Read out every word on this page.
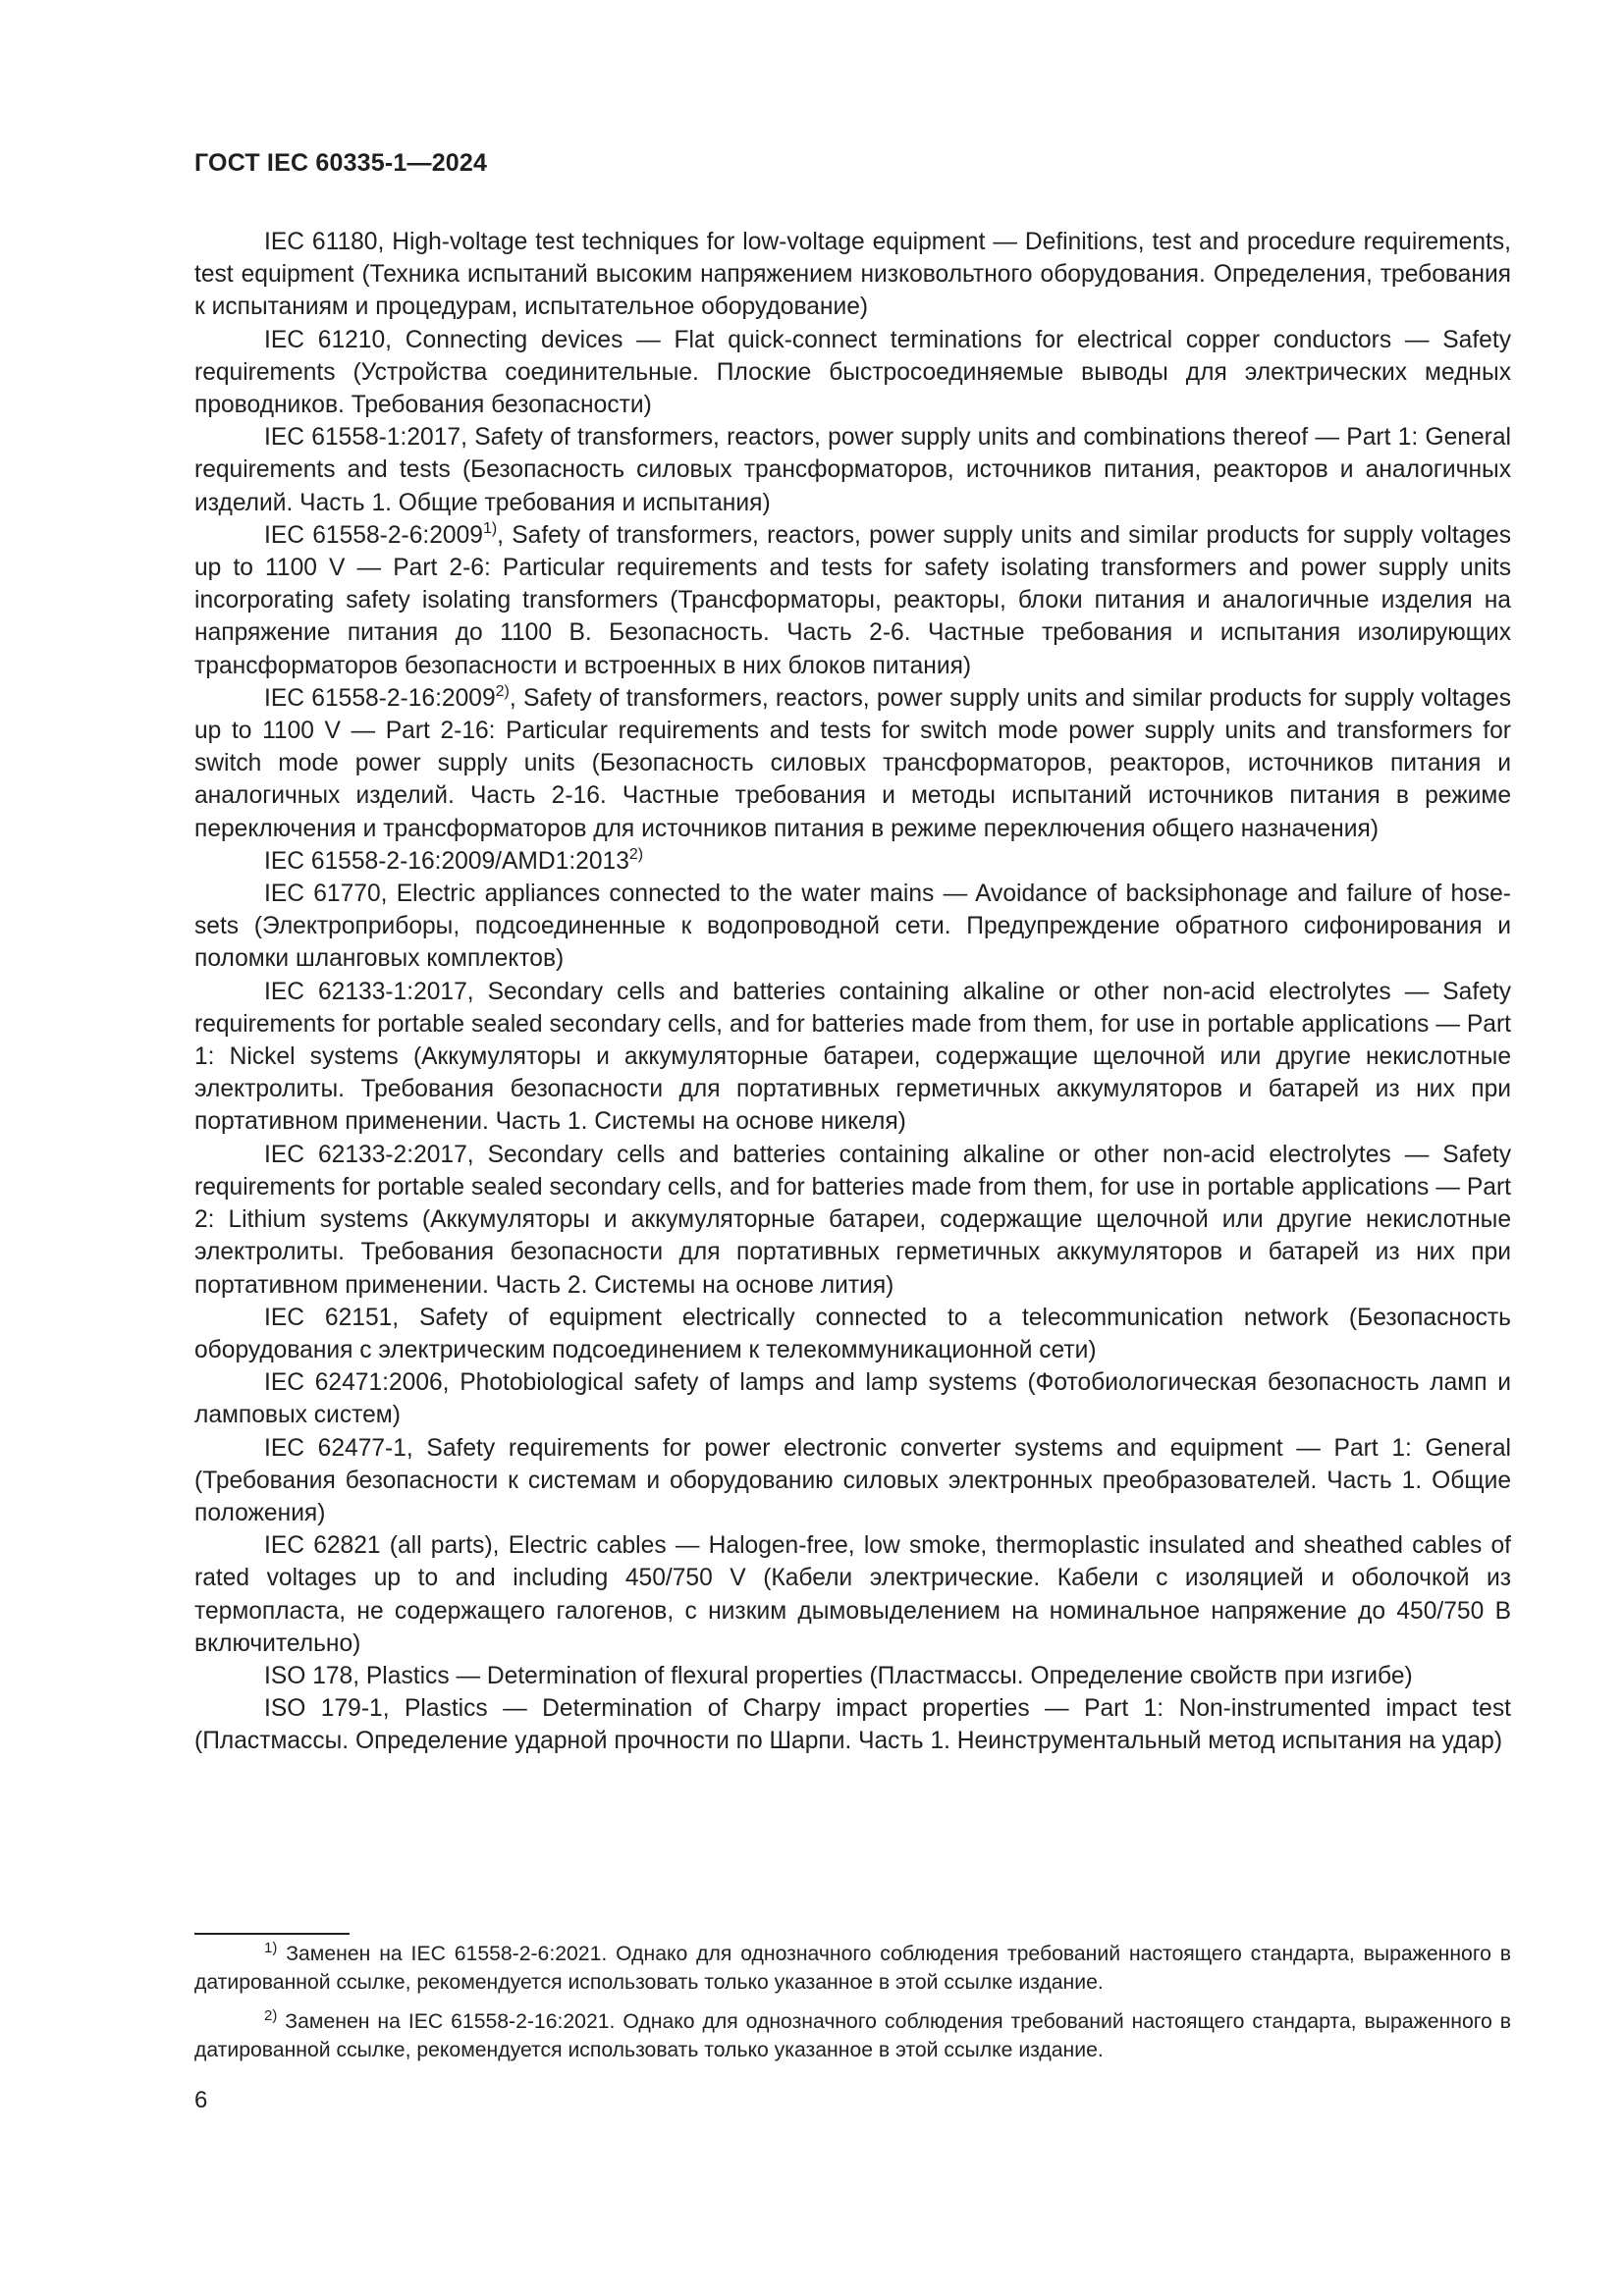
ГОСТ IEC 60335-1—2024

IEC 61180, High-voltage test techniques for low-voltage equipment — Definitions, test and procedure requirements, test equipment (Техника испытаний высоким напряжением низковольтного оборудования. Определения, требования к испытаниям и процедурам, испытательное оборудование)

IEC 61210, Connecting devices — Flat quick-connect terminations for electrical copper conductors — Safety requirements (Устройства соединительные. Плоские быстросоединяемые выводы для электрических медных проводников. Требования безопасности)

IEC 61558-1:2017, Safety of transformers, reactors, power supply units and combinations thereof — Part 1: General requirements and tests (Безопасность силовых трансформаторов, источников питания, реакторов и аналогичных изделий. Часть 1. Общие требования и испытания)

IEC 61558-2-6:2009$^{1)}$, Safety of transformers, reactors, power supply units and similar products for supply voltages up to 1100 V — Part 2-6: Particular requirements and tests for safety isolating transformers and power supply units incorporating safety isolating transformers (Трансформаторы, реакторы, блоки питания и аналогичные изделия на напряжение питания до 1100 В. Безопасность. Часть 2-6. Частные требования и испытания изолирующих трансформаторов безопасности и встроенных в них блоков питания)

IEC 61558-2-16:2009$^{2)}$, Safety of transformers, reactors, power supply units and similar products for supply voltages up to 1100 V — Part 2-16: Particular requirements and tests for switch mode power supply units and transformers for switch mode power supply units (Безопасность силовых трансформаторов, реакторов, источников питания и аналогичных изделий. Часть 2-16. Частные требования и методы испытаний источников питания в режиме переключения и трансформаторов для источников питания в режиме переключения общего назначения)

IEC 61558-2-16:2009/AMD1:2013$^{2)}$

IEC 61770, Electric appliances connected to the water mains — Avoidance of backsiphonage and failure of hose-sets (Электроприборы, подсоединенные к водопроводной сети. Предупреждение обратного сифонирования и поломки шланговых комплектов)

IEC 62133-1:2017, Secondary cells and batteries containing alkaline or other non-acid electrolytes — Safety requirements for portable sealed secondary cells, and for batteries made from them, for use in portable applications — Part 1: Nickel systems (Аккумуляторы и аккумуляторные батареи, содержащие щелочной или другие некислотные электролиты. Требования безопасности для портативных герметичных аккумуляторов и батарей из них при портативном применении. Часть 1. Системы на основе никеля)

IEC 62133-2:2017, Secondary cells and batteries containing alkaline or other non-acid electrolytes — Safety requirements for portable sealed secondary cells, and for batteries made from them, for use in portable applications — Part 2: Lithium systems (Аккумуляторы и аккумуляторные батареи, содержащие щелочной или другие некислотные электролиты. Требования безопасности для портативных герметичных аккумуляторов и батарей из них при портативном применении. Часть 2. Системы на основе лития)

IEC 62151, Safety of equipment electrically connected to a telecommunication network (Безопасность оборудования с электрическим подсоединением к телекоммуникационной сети)

IEC 62471:2006, Photobiological safety of lamps and lamp systems (Фотобиологическая безопасность ламп и ламповых систем)

IEC 62477-1, Safety requirements for power electronic converter systems and equipment — Part 1: General (Требования безопасности к системам и оборудованию силовых электронных преобразователей. Часть 1. Общие положения)

IEC 62821 (all parts), Electric cables — Halogen-free, low smoke, thermoplastic insulated and sheathed cables of rated voltages up to and including 450/750 V (Кабели электрические. Кабели с изоляцией и оболочкой из термопласта, не содержащего галогенов, с низким дымовыделением на номинальное напряжение до 450/750 В включительно)

ISO 178, Plastics — Determination of flexural properties (Пластмассы. Определение свойств при изгибе)

ISO 179-1, Plastics — Determination of Charpy impact properties — Part 1: Non-instrumented impact test (Пластмассы. Определение ударной прочности по Шарпи. Часть 1. Неинструментальный метод испытания на удар)

$^{1)}$ Заменен на IEC 61558-2-6:2021. Однако для однозначного соблюдения требований настоящего стандарта, выраженного в датированной ссылке, рекомендуется использовать только указанное в этой ссылке издание.

$^{2)}$ Заменен на IEC 61558-2-16:2021. Однако для однозначного соблюдения требований настоящего стандарта, выраженного в датированной ссылке, рекомендуется использовать только указанное в этой ссылке издание.

6
